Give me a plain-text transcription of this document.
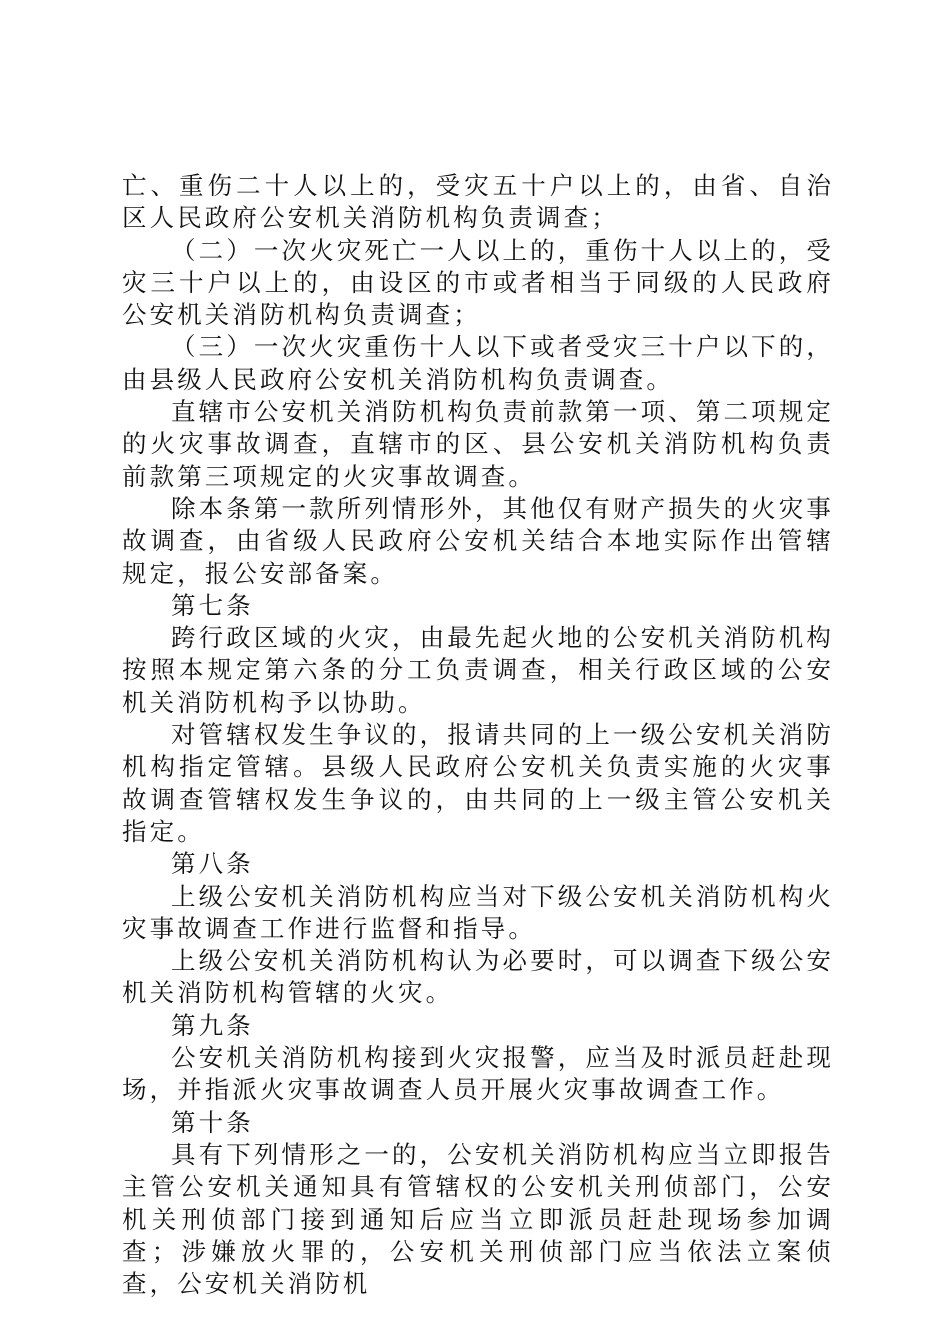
亡、重伤二十人以上的，受灾五十户以上的，由省、自治区人民政府公安机关消防机构负责调查；

（二）一次火灾死亡一人以上的，重伤十人以上的，受灾三十户以上的，由设区的市或者相当于同级的人民政府公安机关消防机构负责调查；

（三）一次火灾重伤十人以下或者受灾三十户以下的，由县级人民政府公安机关消防机构负责调查。

直辖市公安机关消防机构负责前款第一项、第二项规定的火灾事故调查，直辖市的区、县公安机关消防机构负责前款第三项规定的火灾事故调查。

除本条第一款所列情形外，其他仅有财产损失的火灾事故调查，由省级人民政府公安机关结合本地实际作出管辖规定，报公安部备案。

第七条

跨行政区域的火灾，由最先起火地的公安机关消防机构按照本规定第六条的分工负责调查，相关行政区域的公安机关消防机构予以协助。

对管辖权发生争议的，报请共同的上一级公安机关消防机构指定管辖。县级人民政府公安机关负责实施的火灾事故调查管辖权发生争议的，由共同的上一级主管公安机关指定。

第八条

上级公安机关消防机构应当对下级公安机关消防机构火灾事故调查工作进行监督和指导。

上级公安机关消防机构认为必要时，可以调查下级公安机关消防机构管辖的火灾。

第九条

公安机关消防机构接到火灾报警，应当及时派员赶赴现场，并指派火灾事故调查人员开展火灾事故调查工作。

第十条

具有下列情形之一的，公安机关消防机构应当立即报告主管公安机关通知具有管辖权的公安机关刑侦部门，公安机关刑侦部门接到通知后应当立即派员赶赴现场参加调查；涉嫌放火罪的，公安机关刑侦部门应当依法立案侦查，公安机关消防机
